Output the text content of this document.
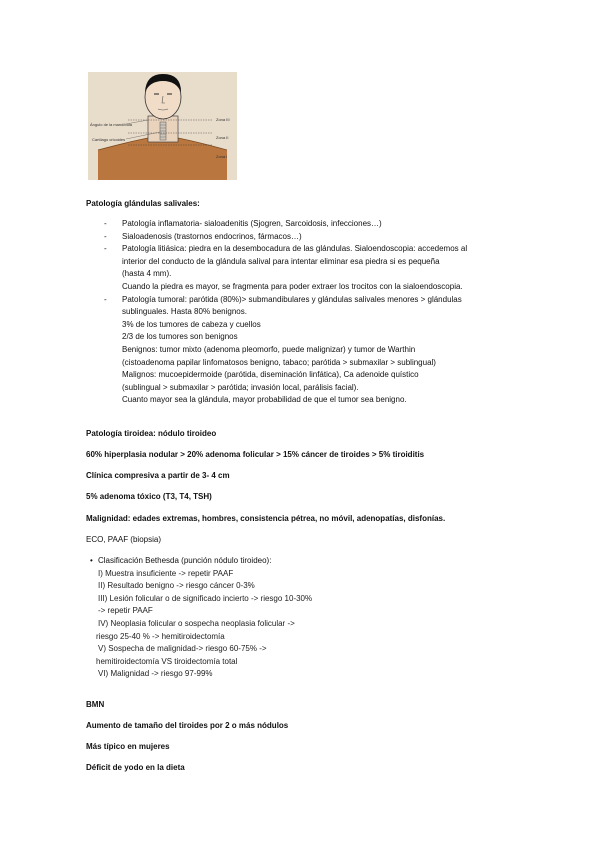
Ángulo de la mandíbula
Cartílago cricoides
Zona III
Zona II
Zona I
Patología glándulas salivales:
- Patología inflamatoria- sialoadenitis (Sjogren, Sarcoidosis, infecciones…)
- Sialoadenosis (trastornos endocrinos, fármacos…)
- Patología litiásica: piedra en la desembocadura de las glándulas. Sialoendoscopia: accedemos al
interior del conducto de la glándula salival para intentar eliminar esa piedra si es pequeña
(hasta 4 mm).
Cuando la piedra es mayor, se fragmenta para poder extraer los trocitos con la sialoendoscopia.
- Patología tumoral: parótida (80%)> submandibulares y glándulas salivales menores > glándulas
sublinguales. Hasta 80% benignos.
3% de los tumores de cabeza y cuellos
2/3 de los tumores son benignos
Benignos: tumor mixto (adenoma pleomorfo, puede malignizar) y tumor de Warthin
(cistoadenoma papilar linfomatosos benigno, tabaco; parótida > submaxilar > sublingual)
Malignos: mucoepidermoide (parótida, diseminación linfática), Ca adenoide quístico
(sublingual > submaxilar > parótida; invasión local, parálisis facial).
Cuanto mayor sea la glándula, mayor probabilidad de que el tumor sea benigno.
Patología tiroidea: nódulo tiroideo
60% hiperplasia nodular > 20% adenoma folicular > 15% cáncer de tiroides > 5% tiroiditis
Clínica compresiva a partir de 3- 4 cm
5% adenoma tóxico (T3, T4, TSH)
Malignidad: edades extremas, hombres, consistencia pétrea, no móvil, adenopatías, disfonías.
ECO, PAAF (biopsia)
• Clasificación Bethesda (punción nódulo tiroideo):
I) Muestra insuficiente -> repetir PAAF
II) Resultado benigno -> riesgo cáncer 0-3%
III) Lesión folicular o de significado incierto -> riesgo 10-30%
-> repetir PAAF
IV) Neoplasia folicular o sospecha neoplasia folicular ->
riesgo 25-40 % -> hemitiroidectomía
V) Sospecha de malignidad-> riesgo 60-75% ->
hemitiroidectomía VS tiroidectomía total
VI) Malignidad -> riesgo 97-99%
BMN
Aumento de tamaño del tiroides por 2 o más nódulos
Más típico en mujeres
Déficit de yodo en la dieta
